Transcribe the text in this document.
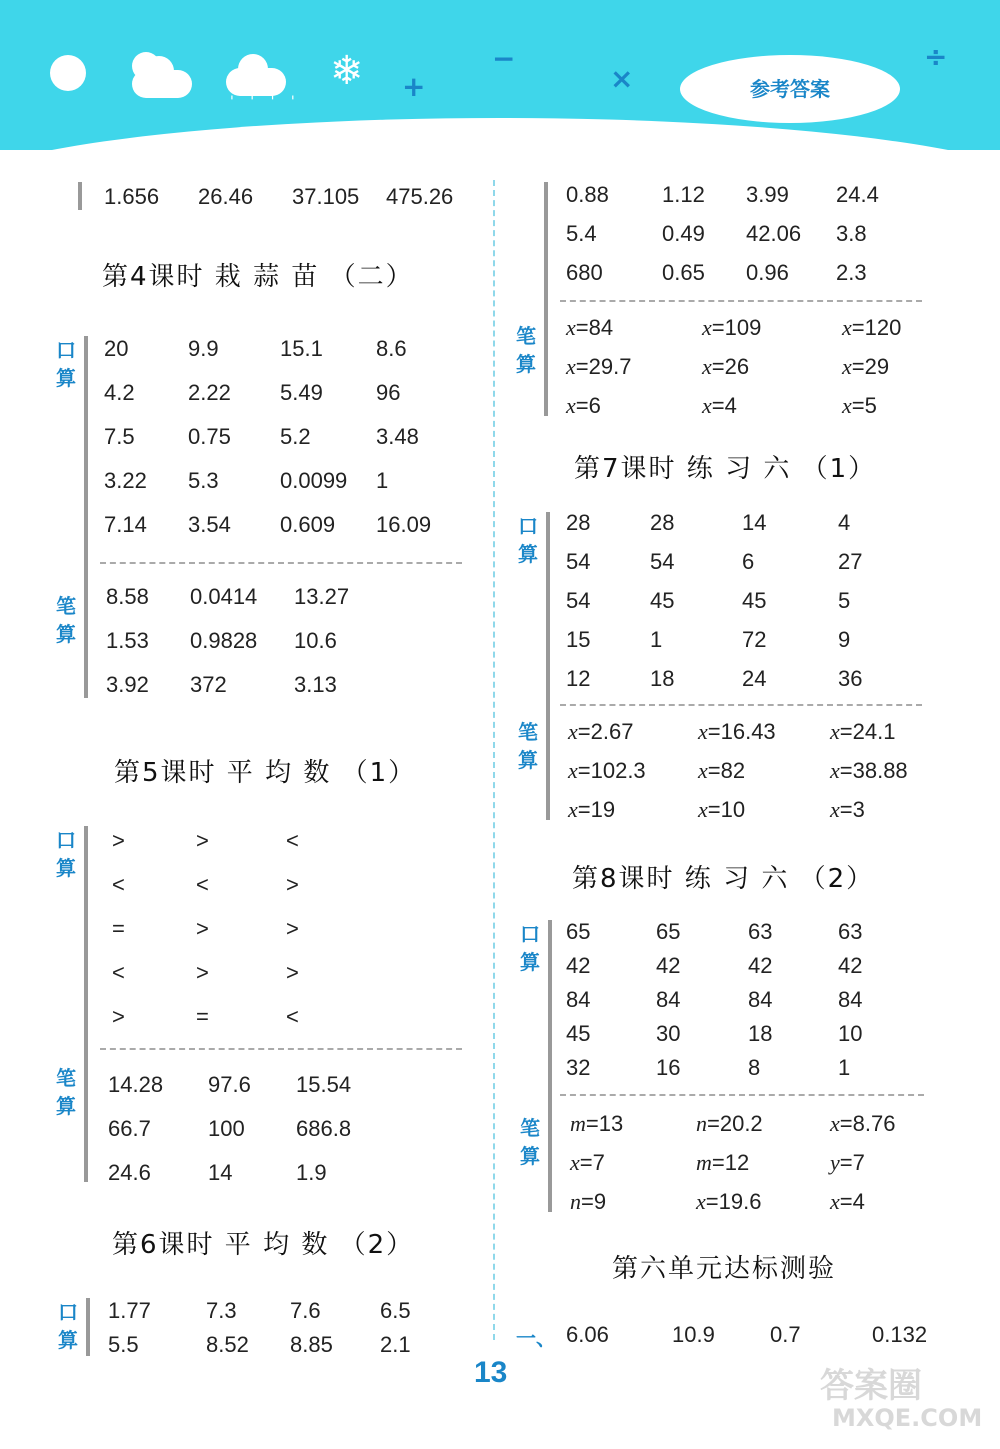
' ' ' '
❄ +
−
×
÷
参考答案
1.656 26.46 37.105 475.26
第4课时 栽 蒜 苗 （二）
口
算
20	9.9	15.1 8.6
4.2 2.22 5.49 96
7.5 0.75 5.2	3.48
3.22 5.3	0.0099 1
7.14 3.54 0.609 16.09
笔
算
8.58 0.0414 13.27
1.53 0.9828 10.6
3.92 372	3.13
第5课时 平 均 数 （1）
口
算
>	>	<
<	<	>
=	>	>
<	>	>
>	=	<
笔
算
14.28 97.6 15.54
66.7	100 686.8
24.6	14	1.9
第6课时 平 均 数 （2）
口
算
1.77	7.3 7.6	6.5
5.5	8.52 8.85 2.1
0.88 1.12 3.99 24.4
5.4	0.49 42.06 3.8
680	0.65 0.96 2.3
笔
算
x=84	x=109	x=120
x=29.7	x=26	x=29
x=6	x=4	x=5
第7课时 练 习 六 （1）
口
算
28	28	14	4
54	54	6	27
54	45	45	5
15	1	72	9
12	18	24	36
笔
算
x=2.67	x=16.43 x=24.1
x=102.3 x=82	x=38.88
x=19	x=10	x=3
第8课时 练 习 六 （2）
口
算
65	65	63	63
42	42	42	42
84	84	84	84
45	30	18	10
32	16	8	1
笔
算
m=13	n=20.2	x=8.76
x=7	m=12	y=7
n=9	x=19.6	x=4
第六单元达标测验
一、 6.06	10.9	0.7	0.132
13	答案圈
MXQE.COM
